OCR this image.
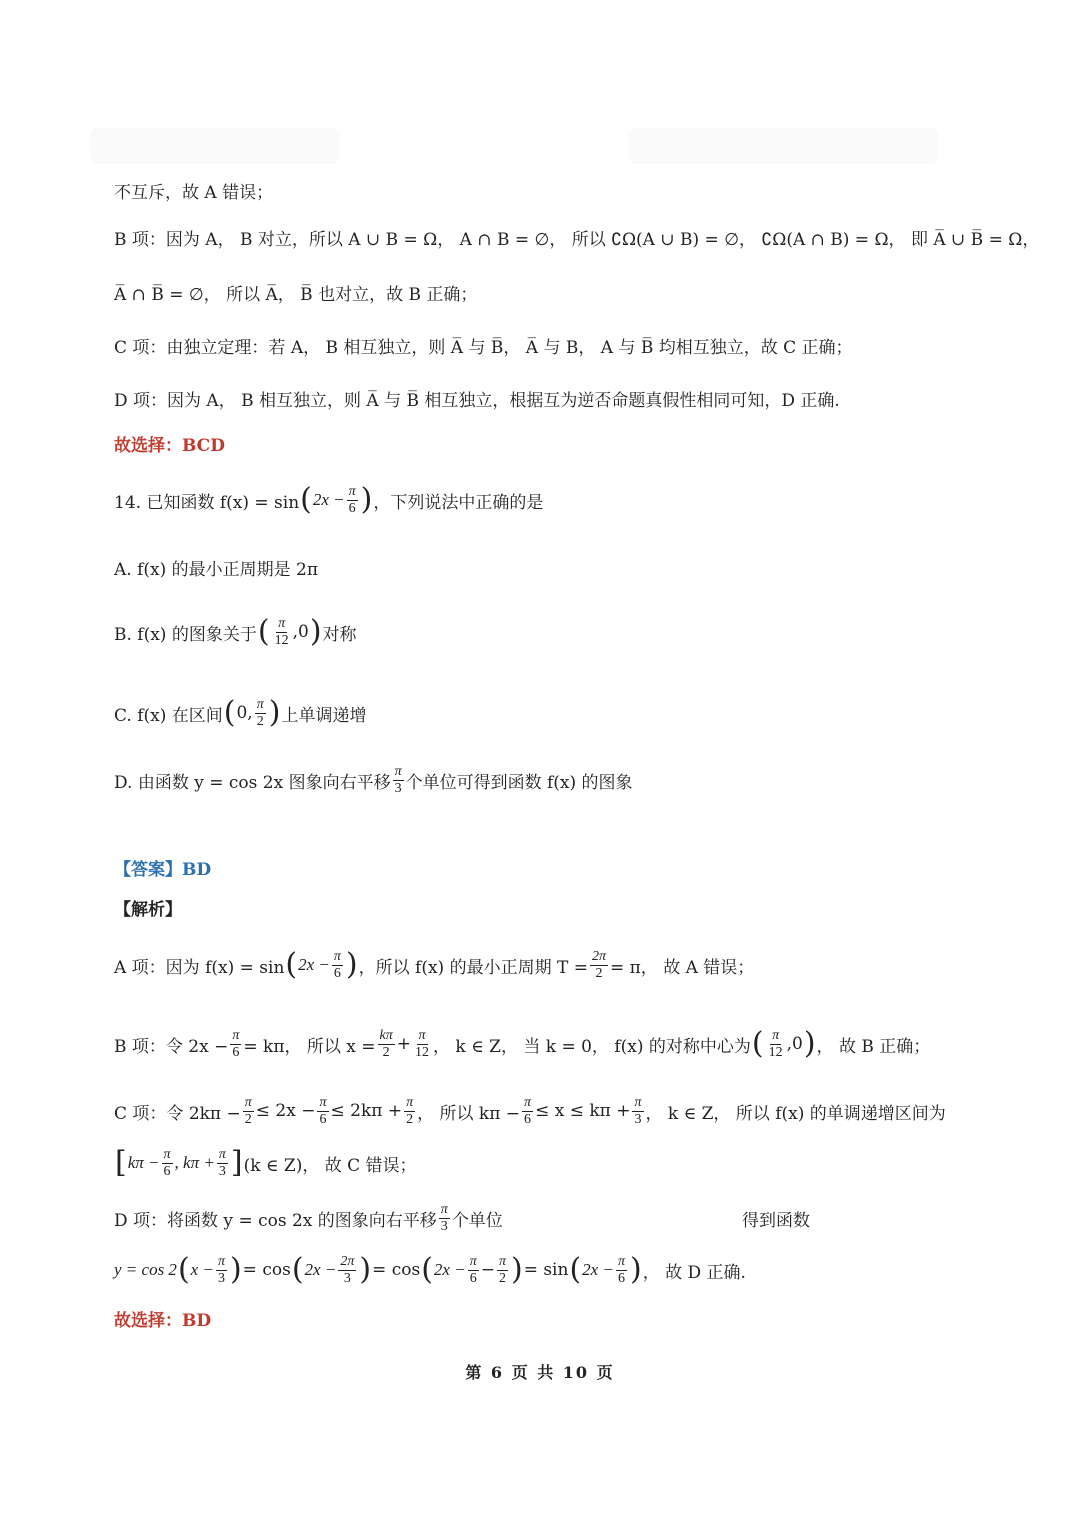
不互斥，故 A 错误；
B 项：因为 A， B 对立，所以 A ∪ B = Ω， A ∩ B = ∅， 所以 ∁Ω(A ∪ B) = ∅， ∁Ω(A ∩ B) = Ω， 即 A̅ ∪ B̅ = Ω，
A̅ ∩ B̅ = ∅， 所以 A̅， B̅ 也对立，故 B 正确；
C 项：由独立定理：若 A， B 相互独立，则 A̅ 与 B̅， A̅ 与 B， A 与 B̅ 均相互独立，故 C 正确；
D 项：因为 A， B 相互独立，则 A̅ 与 B̅ 相互独立，根据互为逆否命题真假性相同可知，D 正确.
故选择：BCD
14. 已知函数 f(x) = sin ( $2x - \frac{\pi}{6}$ ) ，下列说法中正确的是
A. f(x) 的最小正周期是 2π
B. f(x) 的图象关于 ( $\frac{\pi}{12} ,0$ ) 对称
C. f(x) 在区间 ( 0, $\frac{\pi}{2}$ ) 上单调递增
D. 由函数 y = cos 2x 图象向右平移 $\frac{\pi}{3}$ 个单位可得到函数 f(x) 的图象
【答案】BD
【解析】
A 项：因为 f(x) = sin ( $2x - \frac{\pi}{6}$ ) ，所以 f(x) 的最小正周期 $T = \frac{2\pi}{2} = \pi$， 故 A 错误；
B 项：令 $2x - \frac{\pi}{6} = k\pi$， 所以 $x = \frac{k\pi}{2} + \frac{\pi}{12}$ ， k ∈ Z， 当 k = 0， f(x) 的对称中心为 ( $\frac{\pi}{12} ,0$ ) ， 故 B 正确；
C 项：令 $2k\pi - \frac{\pi}{2} \le 2x - \frac{\pi}{6} \le 2k\pi + \frac{\pi}{2}$ ， 所以 $k\pi - \frac{\pi}{6} \le x \le k\pi + \frac{\pi}{3}$ ， k ∈ Z， 所以 f(x) 的单调递增区间为
[ $k\pi - \frac{\pi}{6}$ , $k\pi + \frac{\pi}{3}$ ] (k ∈ Z)， 故 C 错误；
D 项：将函数 y = cos 2x 的图象向右平移 $\frac{\pi}{3}$ 个单位	得到函数
y = cos 2 ( $x - \frac{\pi}{3}$ ) = cos ( $2x - \frac{2\pi}{3}$ ) = cos ( $2x - \frac{\pi}{6} - \frac{\pi}{2}$ ) = sin ( $2x - \frac{\pi}{6}$ ) ， 故 D 正确.
故选择：BD
第 6 页 共 10 页
